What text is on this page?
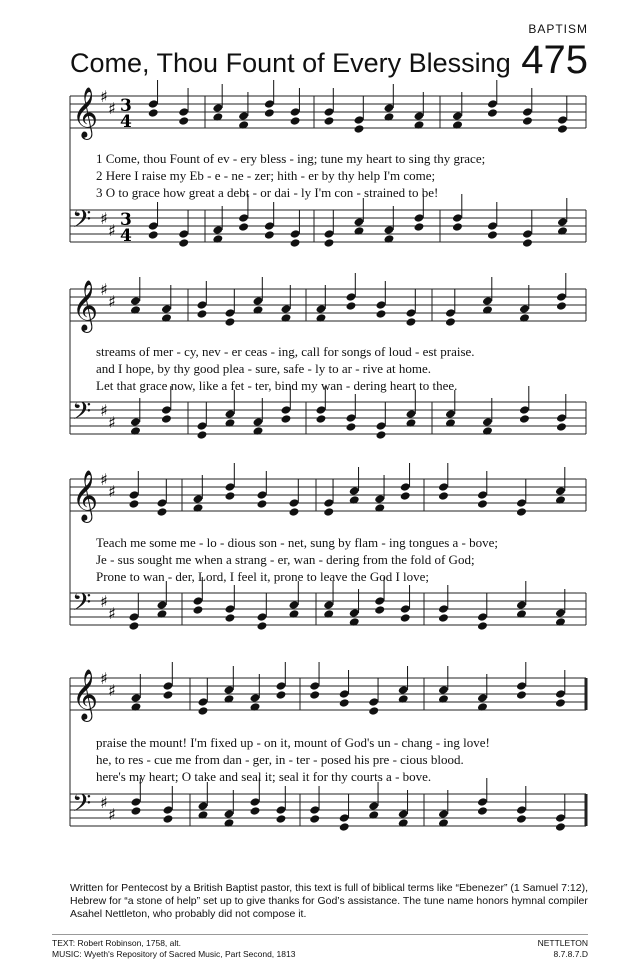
BAPTISM
Come, Thou Fount of Every Blessing 475
𝄞 ♯
♯
𝄢 ♯
♯
3
4
3
4
𝄞 ♯
♯
𝄢 ♯
♯
𝄞 ♯
♯
𝄢 ♯
♯
𝄞 ♯
♯
𝄢 ♯
♯
1 Come, thou Fount of ev - ery bless - ing; tune my heart to sing thy grace;
2 Here I raise my Eb - e - ne - zer; hith - er by thy help I'm come;
3 O to grace how great a debt - or dai - ly I'm con - strained to be!
streams of mer - cy, nev - er ceas - ing, call for songs of loud - est praise.
and I hope, by thy good plea - sure, safe - ly to ar - rive at home.
Let that grace now, like a fet - ter, bind my wan - dering heart to thee.
Teach me some me - lo - dious son - net, sung by flam - ing tongues a - bove;
Je - sus sought me when a strang - er, wan - dering from the fold of God;
Prone to wan - der, Lord, I feel it, prone to leave the God I love;
praise the mount! I'm fixed up - on it, mount of God's un - chang - ing love!
he, to res - cue me from dan - ger, in - ter - posed his pre - cious blood.
here's my heart; O take and seal it; seal it for thy courts a - bove.
Written for Pentecost by a British Baptist pastor, this text is full of biblical terms like “Ebenezer” (1 Samuel 7:12), Hebrew for “a stone of help” set up to give thanks for God’s assistance. The tune name honors hymnal compiler Asahel Nettleton, who probably did not compose it.
TEXT: Robert Robinson, 1758, alt.
MUSIC: Wyeth's Repository of Sacred Music, Part Second, 1813
NETTLETON
8.7.8.7.D
